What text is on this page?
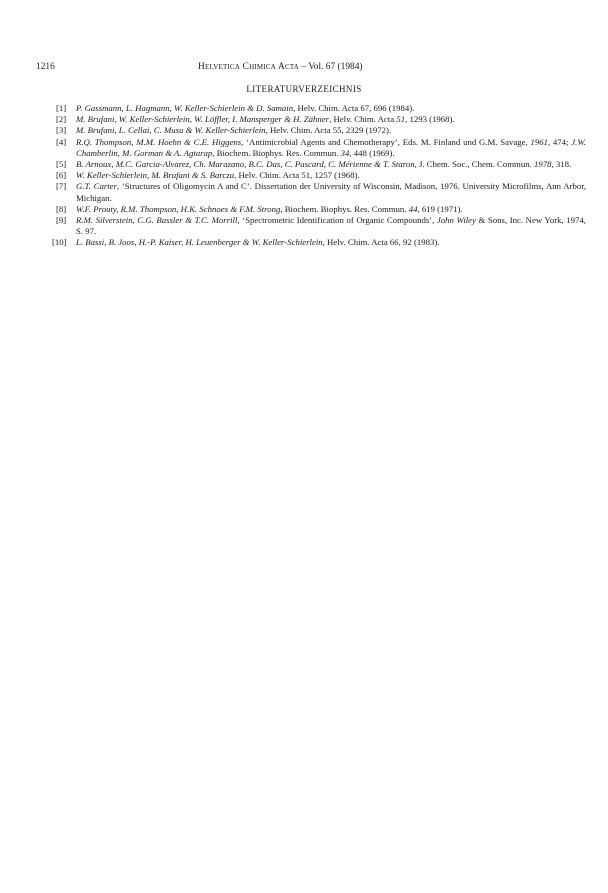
1216	Helvetica Chimica Acta – Vol. 67 (1984)
LITERATURVERZEICHNIS
[1]	P. Gassmann, L. Hagmann, W. Keller-Schierlein & D. Samain, Helv. Chim. Acta 67, 696 (1984).
[2]	M. Brufani, W. Keller-Schierlein, W. Löffler, I. Mansperger & H. Zähner, Helv. Chim. Acta 51, 1293 (1968).
[3]	M. Brufani, L. Cellai, C. Musu & W. Keller-Schierlein, Helv. Chim. Acta 55, 2329 (1972).
[4]	R.Q. Thompson, M.M. Hoehn & C.E. Higgens, ‘Antimicrobial Agents and Chemotherapy’, Eds. M. Finland und G.M. Savage, 1961, 474; J.W. Chamberlin, M. Gorman & A. Agtarap, Biochem. Biophys. Res. Commun. 34, 448 (1969).
[5]	B. Arnoux, M.C. Garcia-Alvarez, Ch. Marazano, B.C. Das, C. Pascard, C. Mérienne & T. Staron, J. Chem. Soc., Chem. Commun. 1978, 318.
[6]	W. Keller-Schierlein, M. Brufani & S. Barcza, Helv. Chim. Acta 51, 1257 (1968).
[7]	G.T. Carter, ‘Structures of Oligomycin A and C’. Dissertation der University of Wisconsin, Madison, 1976. University Microfilms, Ann Arbor, Michigan.
[8]	W.F. Prouty, R.M. Thompson, H.K. Schnoes & F.M. Strong, Biochem. Biophys. Res. Commun. 44, 619 (1971).
[9]	R.M. Silverstein, C.G. Bassler & T.C. Morrill, ‘Spectrometric Identification of Organic Compounds’, John Wiley & Sons, Inc. New York, 1974, S. 97.
[10]	L. Bassi, B. Joos, H.-P. Kaiser, H. Leuenberger & W. Keller-Schierlein, Helv. Chim. Acta 66, 92 (1983).
